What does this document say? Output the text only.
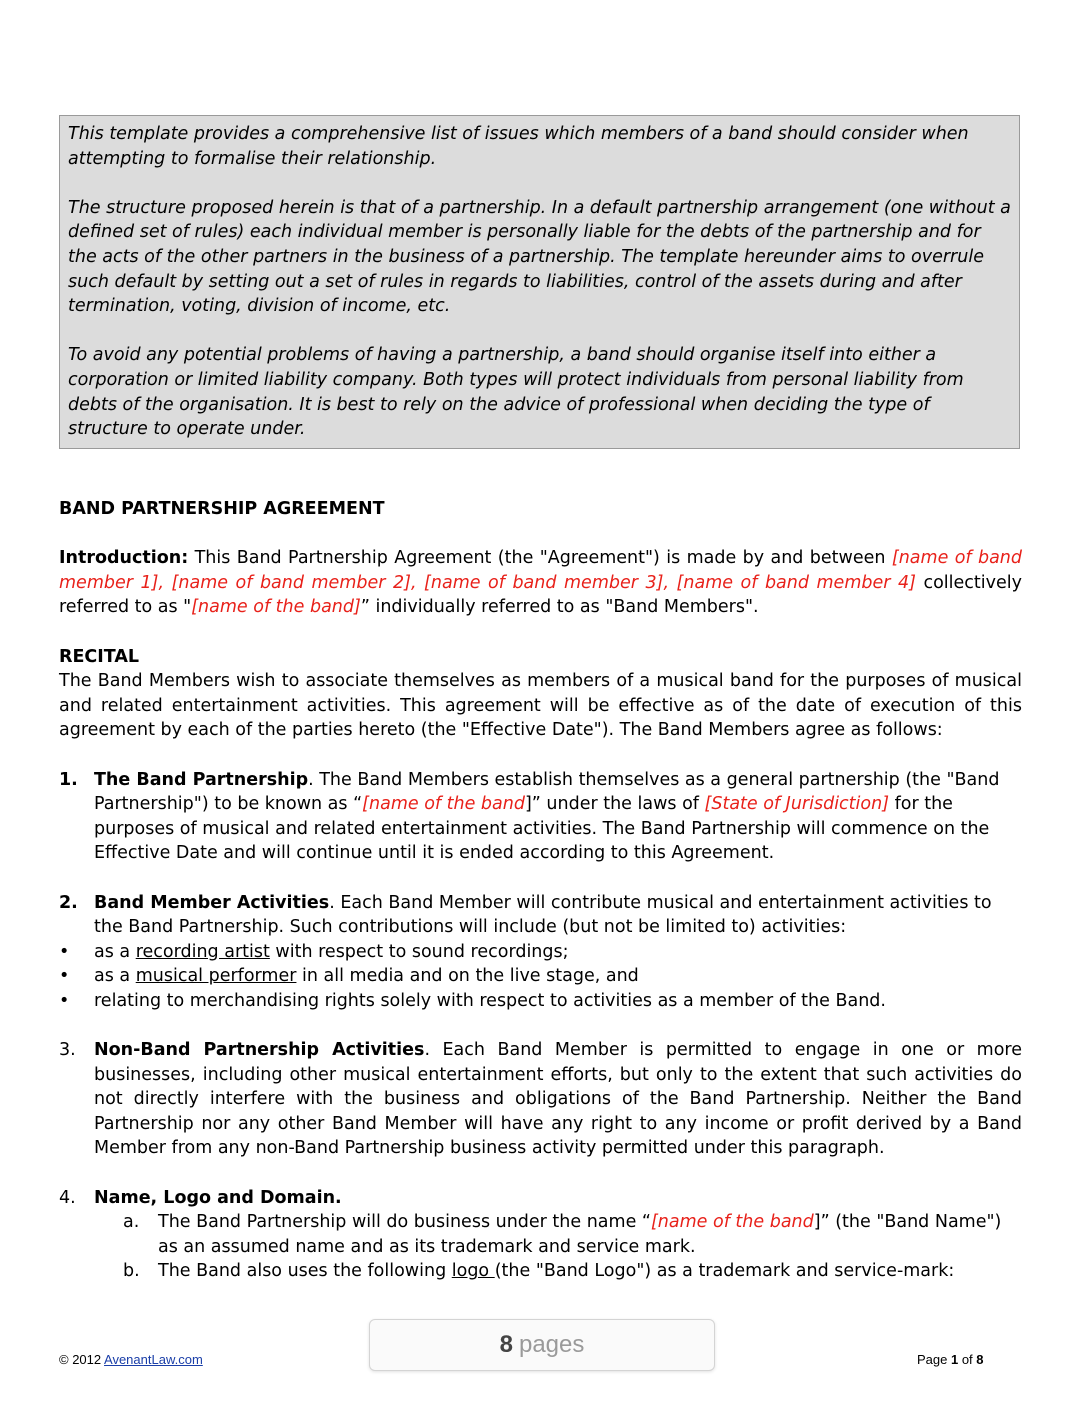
This template provides a comprehensive list of issues which members of a band should consider when attempting to formalise their relationship.

The structure proposed herein is that of a partnership. In a default partnership arrangement (one without a defined set of rules) each individual member is personally liable for the debts of the partnership and for the acts of the other partners in the business of a partnership. The template hereunder aims to overrule such default by setting out a set of rules in regards to liabilities, control of the assets during and after termination, voting, division of income, etc.

To avoid any potential problems of having a partnership, a band should organise itself into either a corporation or limited liability company. Both types will protect individuals from personal liability from debts of the organisation. It is best to rely on the advice of professional when deciding the type of structure to operate under.

BAND PARTNERSHIP AGREEMENT

Introduction: This Band Partnership Agreement (the "Agreement") is made by and between [name of band member 1], [name of band member 2], [name of band member 3], [name of band member 4] collectively referred to as "[name of the band]” individually referred to as "Band Members".

RECITAL

The Band Members wish to associate themselves as members of a musical band for the purposes of musical and related entertainment activities. This agreement will be effective as of the date of execution of this agreement by each of the parties hereto (the "Effective Date"). The Band Members agree as follows:

1. The Band Partnership. The Band Members establish themselves as a general partnership (the "Band Partnership") to be known as “[name of the band]” under the laws of [State of Jurisdiction] for the purposes of musical and related entertainment activities. The Band Partnership will commence on the Effective Date and will continue until it is ended according to this Agreement.
2. Band Member Activities. Each Band Member will contribute musical and entertainment activities to the Band Partnership. Such contributions will include (but not be limited to) activities:
• as a recording artist with respect to sound recordings;
• as a musical performer in all media and on the live stage, and
• relating to merchandising rights solely with respect to activities as a member of the Band.
3. Non-Band Partnership Activities. Each Band Member is permitted to engage in one or more businesses, including other musical entertainment efforts, but only to the extent that such activities do not directly interfere with the business and obligations of the Band Partnership. Neither the Band Partnership nor any other Band Member will have any right to any income or profit derived by a Band Member from any non-Band Partnership business activity permitted under this paragraph.
4. Name, Logo and Domain.
a. The Band Partnership will do business under the name “[name of the band]” (the "Band Name") as an assumed name and as its trademark and service mark.
b. The Band also uses the following logo (the "Band Logo") as a trademark and service-mark:
© 2012 AvenantLaw.com
8 pages
Page 1 of 8
